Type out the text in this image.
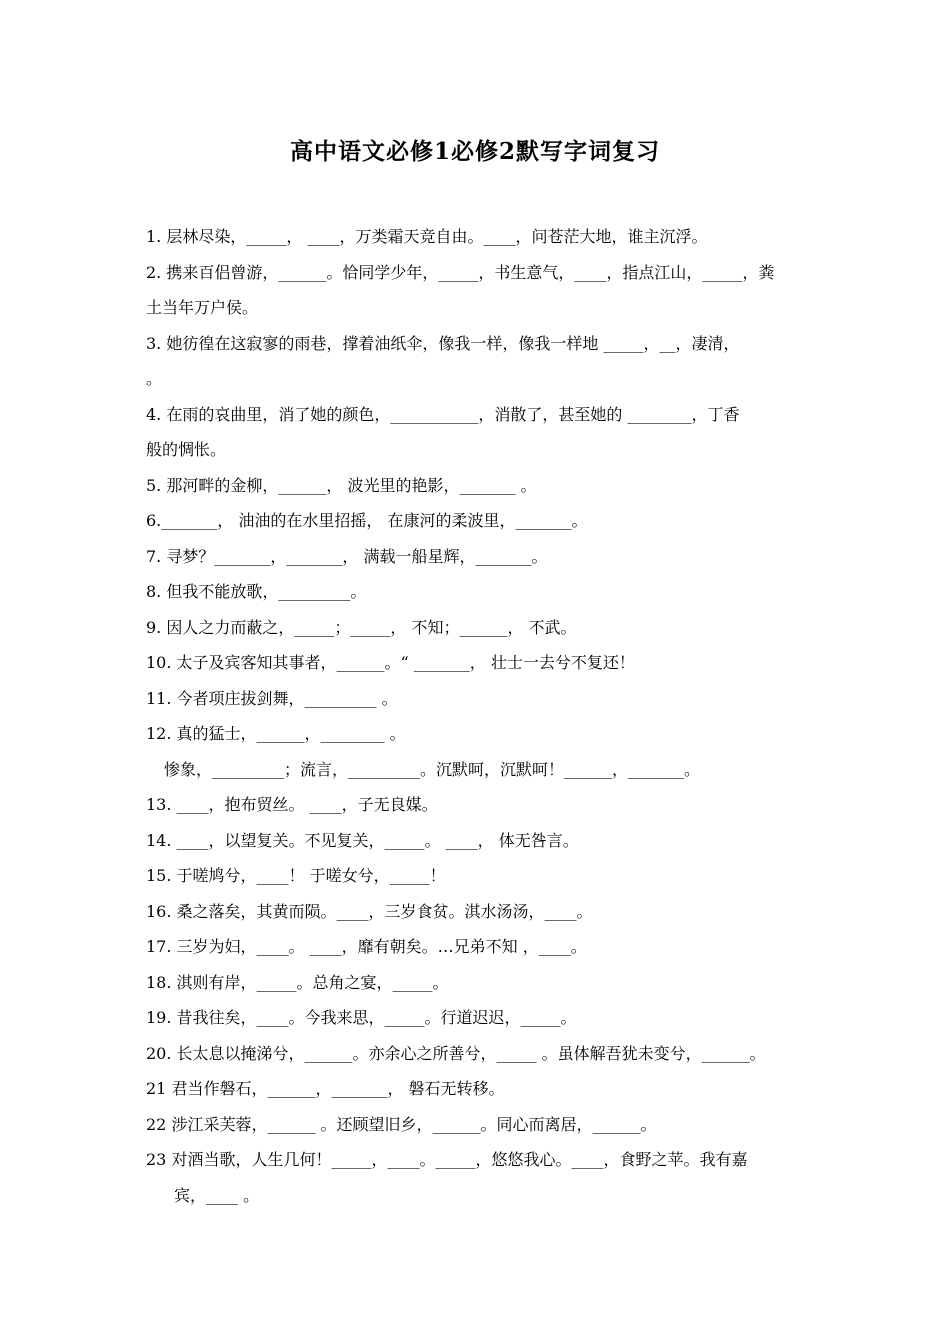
高中语文必修1必修2默写字词复习
1. 层林尽染，_____， ____，万类霜天竞自由。____，问苍茫大地，谁主沉浮。
2. 携来百侣曾游，______。恰同学少年，_____，书生意气，____，指点江山，_____，粪
土当年万户侯。
3. 她彷徨在这寂寥的雨巷，撑着油纸伞，像我一样，像我一样地 _____，__，凄清，
。
4. 在雨的哀曲里，消了她的颜色，___________，消散了，甚至她的 ________，丁香
般的惆怅。
5. 那河畔的金柳，______， 波光里的艳影，_______ 。
6._______， 油油的在水里招摇， 在康河的柔波里，_______。
7. 寻梦？_______，_______， 满载一船星辉，_______。
8. 但我不能放歌，_________。
9. 因人之力而蔽之，_____；_____， 不知；______， 不武。
10. 太子及宾客知其事者，______。“ _______， 壮士一去兮不复还！
11. 今者项庄拔剑舞，_________ 。
12. 真的猛士，______，________ 。
惨象，_________；流言，_________。沉默呵，沉默呵！______，_______。
13. ____，抱布贸丝。 ____，子无良媒。
14. ____，以望复关。不见复关，_____。 ____， 体无咎言。
15. 于嗟鸠兮，____！ 于嗟女兮，_____！
16. 桑之落矣，其黄而陨。____，三岁食贫。淇水汤汤，____。
17. 三岁为妇，____。 ____，靡有朝矣。…兄弟不知 ，____。
18. 淇则有岸，_____。总角之宴，_____。
19. 昔我往矣，____。今我来思，_____。行道迟迟，_____。
20. 长太息以掩涕兮，______。亦余心之所善兮，_____ 。虽体解吾犹未变兮，______。
21 君当作磐石，______，_______， 磐石无转移。
22 涉江采芙蓉，______ 。还顾望旧乡，______。同心而离居，______。
23 对酒当歌，人生几何！_____，____。_____，悠悠我心。____，食野之苹。我有嘉
宾，____ 。
